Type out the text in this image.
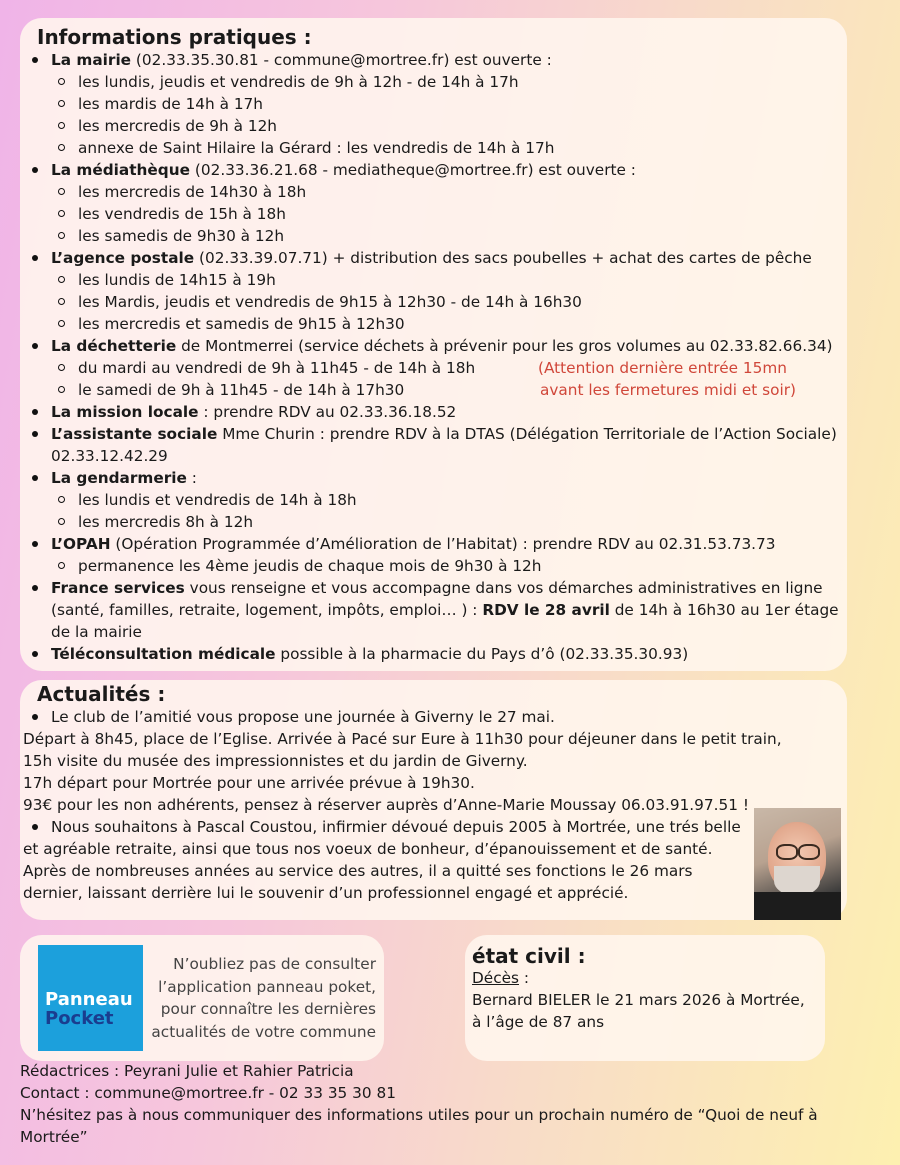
Informations pratiques :
La mairie (02.33.35.30.81 - commune@mortree.fr) est ouverte :
les lundis, jeudis et vendredis de 9h à 12h - de 14h à 17h
les mardis de 14h à 17h
les mercredis de 9h à 12h
annexe de Saint Hilaire la Gérard : les vendredis de 14h à 17h
La médiathèque (02.33.36.21.68 - mediatheque@mortree.fr) est ouverte :
les mercredis de 14h30 à 18h
les vendredis de 15h à 18h
les samedis de 9h30 à 12h
L’agence postale (02.33.39.07.71) + distribution des sacs poubelles + achat des cartes de pêche
les lundis de 14h15 à 19h
les Mardis, jeudis et vendredis de 9h15 à 12h30 - de 14h à 16h30
les mercredis et samedis de 9h15 à 12h30
La déchetterie de Montmerrei (service déchets à prévenir pour les gros volumes au 02.33.82.66.34)
du mardi au vendredi de 9h à 11h45 - de 14h à 18h
le samedi de 9h à 11h45 - de 14h à 17h30
(Attention dernière entrée 15mn
avant les fermetures midi et soir)
La mission locale : prendre RDV au 02.33.36.18.52
L’assistante sociale Mme Churin : prendre RDV à la DTAS (Délégation Territoriale de l’Action Sociale)
02.33.12.42.29
La gendarmerie :
les lundis et vendredis de 14h à 18h
les mercredis 8h à 12h
L’OPAH (Opération Programmée d’Amélioration de l’Habitat) : prendre RDV au 02.31.53.73.73
permanence les 4ème jeudis de chaque mois de 9h30 à 12h
France services vous renseigne et vous accompagne dans vos démarches administratives en ligne
(santé, familles, retraite, logement, impôts, emploi… ) : RDV le 28 avril de 14h à 16h30 au 1er étage
de la mairie
Téléconsultation médicale possible à la pharmacie du Pays d’ô (02.33.35.30.93)
Actualités :
Le club de l’amitié vous propose une journée à Giverny le 27 mai.
Départ à 8h45, place de l’Eglise. Arrivée à Pacé sur Eure à 11h30 pour déjeuner dans le petit train,
15h visite du musée des impressionnistes et du jardin de Giverny.
17h départ pour Mortrée pour une arrivée prévue à 19h30.
93€ pour les non adhérents, pensez à réserver auprès d’Anne-Marie Moussay 06.03.91.97.51 !
Nous souhaitons à Pascal Coustou, infirmier dévoué depuis 2005 à Mortrée, une trés belle
et agréable retraite, ainsi que tous nos voeux de bonheur, d’épanouissement et de santé.
Après de nombreuses années au service des autres, il a quitté ses fonctions le 26 mars
dernier, laissant derrière lui le souvenir d’un professionnel engagé et apprécié.
Panneau
Pocket
N’oubliez pas de consulter
l’application panneau poket,
pour connaître les dernières
actualités de votre commune
état civil :
Décès :
Bernard BIELER le 21 mars 2026 à Mortrée,
à l’âge de 87 ans
Rédactrices : Peyrani Julie et Rahier Patricia
Contact : commune@mortree.fr - 02 33 35 30 81
N’hésitez pas à nous communiquer des informations utiles pour un prochain numéro de “Quoi de neuf à
Mortrée”
